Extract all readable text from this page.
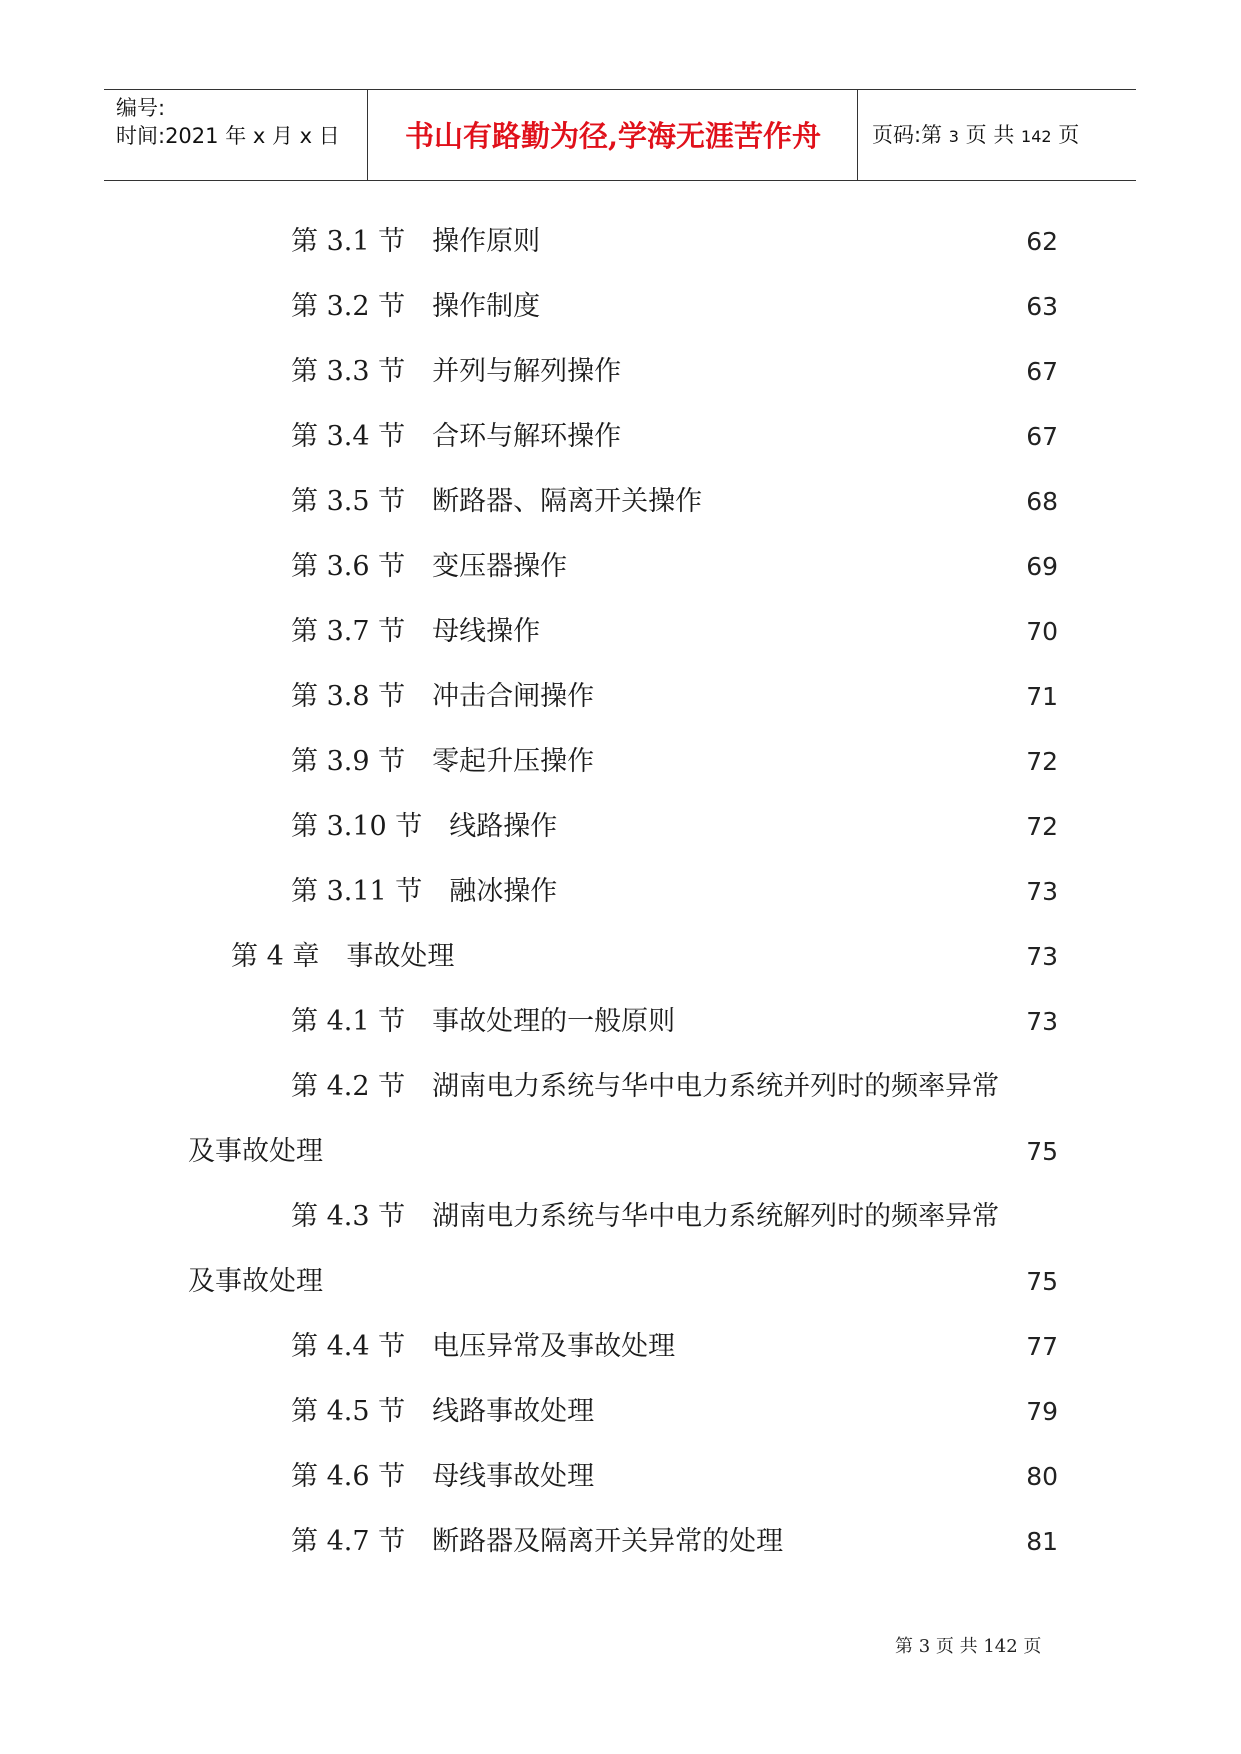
编号:
时间:2021 年 x 月 x 日	书山有路勤为径,学海无涯苦作舟	页码:第 3 页 共 142 页
第 3.1 节　操作原则	62
第 3.2 节　操作制度	63
第 3.3 节　并列与解列操作	67
第 3.4 节　合环与解环操作	67
第 3.5 节　断路器、隔离开关操作	68
第 3.6 节　变压器操作	69
第 3.7 节　母线操作	70
第 3.8 节　冲击合闸操作	71
第 3.9 节　零起升压操作	72
第 3.10 节　线路操作	72
第 3.11 节　融冰操作	73
第 4 章　事故处理	73
第 4.1 节　事故处理的一般原则	73
第 4.2 节　湖南电力系统与华中电力系统并列时的频率异常
及事故处理	75
第 4.3 节　湖南电力系统与华中电力系统解列时的频率异常
及事故处理	75
第 4.4 节　电压异常及事故处理	77
第 4.5 节　线路事故处理	79
第 4.6 节　母线事故处理	80
第 4.7 节　断路器及隔离开关异常的处理	81
第 3 页 共 142 页
